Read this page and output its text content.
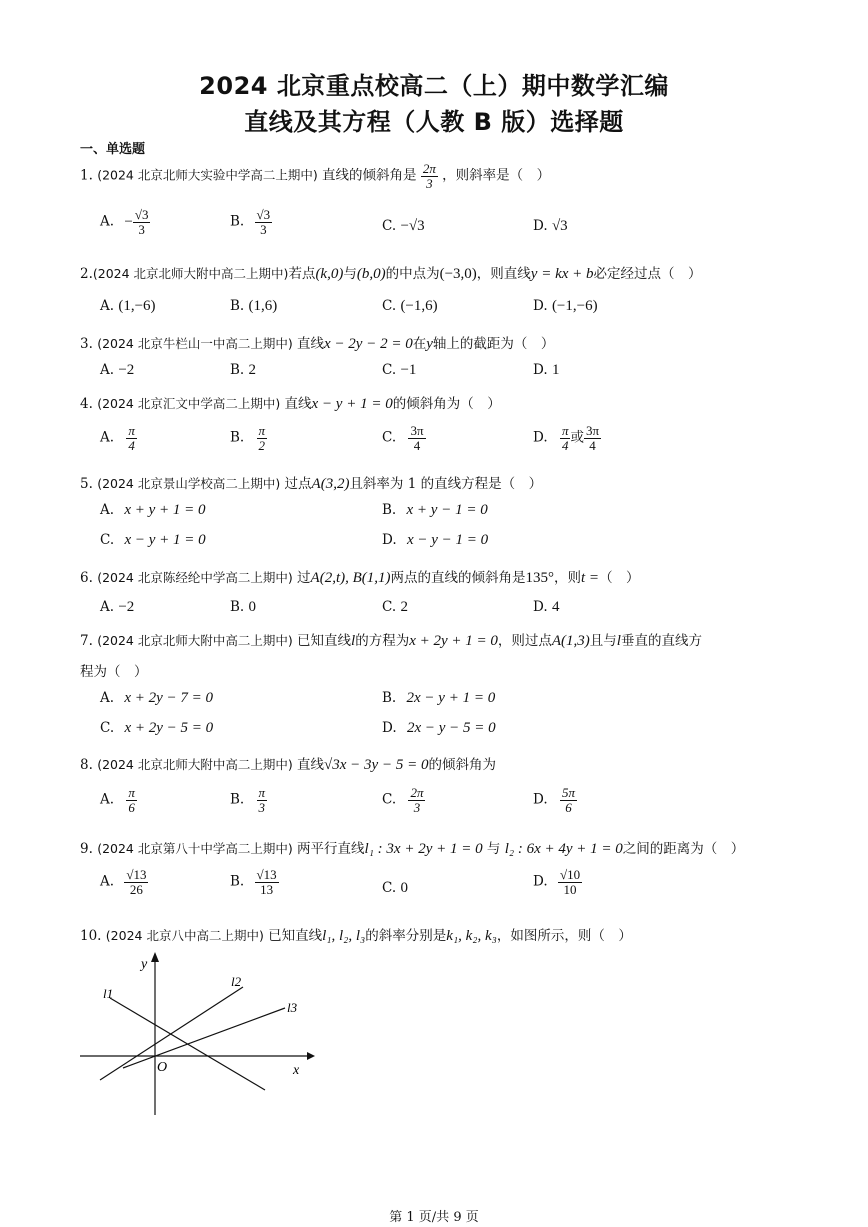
2024 北京重点校高二（上）期中数学汇编
直线及其方程（人教 B 版）选择题
一、单选题
1. (2024 北京北师大实验中学高二上期中) 直线的倾斜角是 $\frac{2\pi}{3}$ ，则斜率是（　）
A. − $\frac{√3}{3}$	B. $\frac{√3}{3}$	C. −√3	D. √3
2.(2024 北京北师大附中高二上期中)若点(k,0)与(b,0)的中点为(−3,0)，则直线y = kx + b必定经过点（　）
A. (1,−6)	B. (1,6)	C. (−1,6)	D. (−1,−6)
3. (2024 北京牛栏山一中高二上期中) 直线x − 2y − 2 = 0在y轴上的截距为（　）
A. −2	B. 2	C. −1	D. 1
4. (2024 北京汇文中学高二上期中) 直线x − y + 1 = 0的倾斜角为（　）
A. $\frac{\pi}{4}$	B. $\frac{\pi}{2}$	C. $\frac{3\pi}{4}$	D. $\frac{\pi}{4}$ 或 $\frac{3\pi}{4}$
5. (2024 北京景山学校高二上期中) 过点A(3,2)且斜率为 1 的直线方程是（　）
A. x + y + 1 = 0	B. x + y − 1 = 0
C. x − y + 1 = 0	D. x − y − 1 = 0
6. (2024 北京陈经纶中学高二上期中) 过A(2,t), B(1,1)两点的直线的倾斜角是135°，则t =（　）
A. −2	B. 0	C. 2	D. 4
7. (2024 北京北师大附中高二上期中) 已知直线l的方程为x + 2y + 1 = 0，则过点A(1,3)且与l垂直的直线方
程为（　）
A. x + 2y − 7 = 0	B. 2x − y + 1 = 0
C. x + 2y − 5 = 0	D. 2x − y − 5 = 0
8. (2024 北京北师大附中高二上期中) 直线√3x − 3y − 5 = 0的倾斜角为
A. $\frac{\pi}{6}$	B. $\frac{\pi}{3}$	C. $\frac{2\pi}{3}$	D. $\frac{5\pi}{6}$
9. (2024 北京第八十中学高二上期中) 两平行直线l₁ : 3x + 2y + 1 = 0 与 l₂ : 6x + 4y + 1 = 0之间的距离为（　）
A. $\frac{√13}{26}$	B. $\frac{√13}{13}$	C. 0	D. $\frac{√10}{10}$
10. (2024 北京八中高二上期中) 已知直线l₁, l₂, l₃的斜率分别是k₁, k₂, k₃，如图所示，则（　）
y
x
O
l1
l2
l3
第 1 页/共 9 页
